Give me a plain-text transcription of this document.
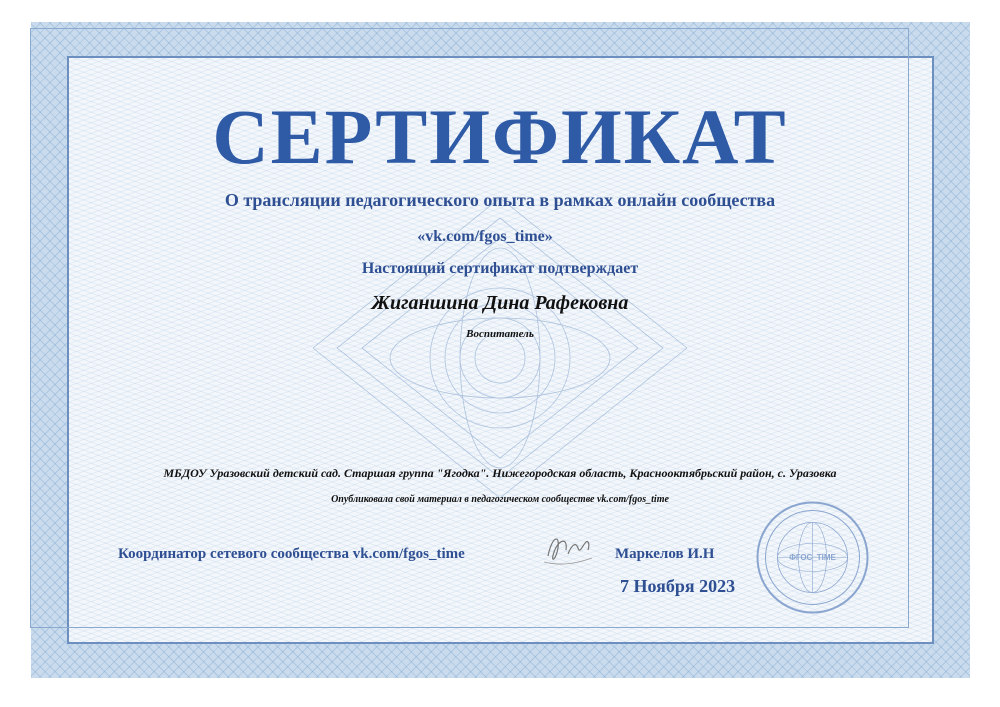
СЕРТИФИКАТ
О трансляции педагогического опыта в рамках онлайн сообщества
«vk.com/fgos_time»
Настоящий сертификат подтверждает
Жиганшина Дина Рафековна
Воспитатель
МБДОУ Уразовский детский сад. Старшая группа "Ягодка". Нижегородская область, Краснооктябрьский район, с. Уразовка
Опубликовала свой материал в педагогическом сообществе vk.com/fgos_time
Координатор сетевого сообщества vk.com/fgos_time	Маркелов И.Н
7 Ноября 2023
ФГОС_TIME
